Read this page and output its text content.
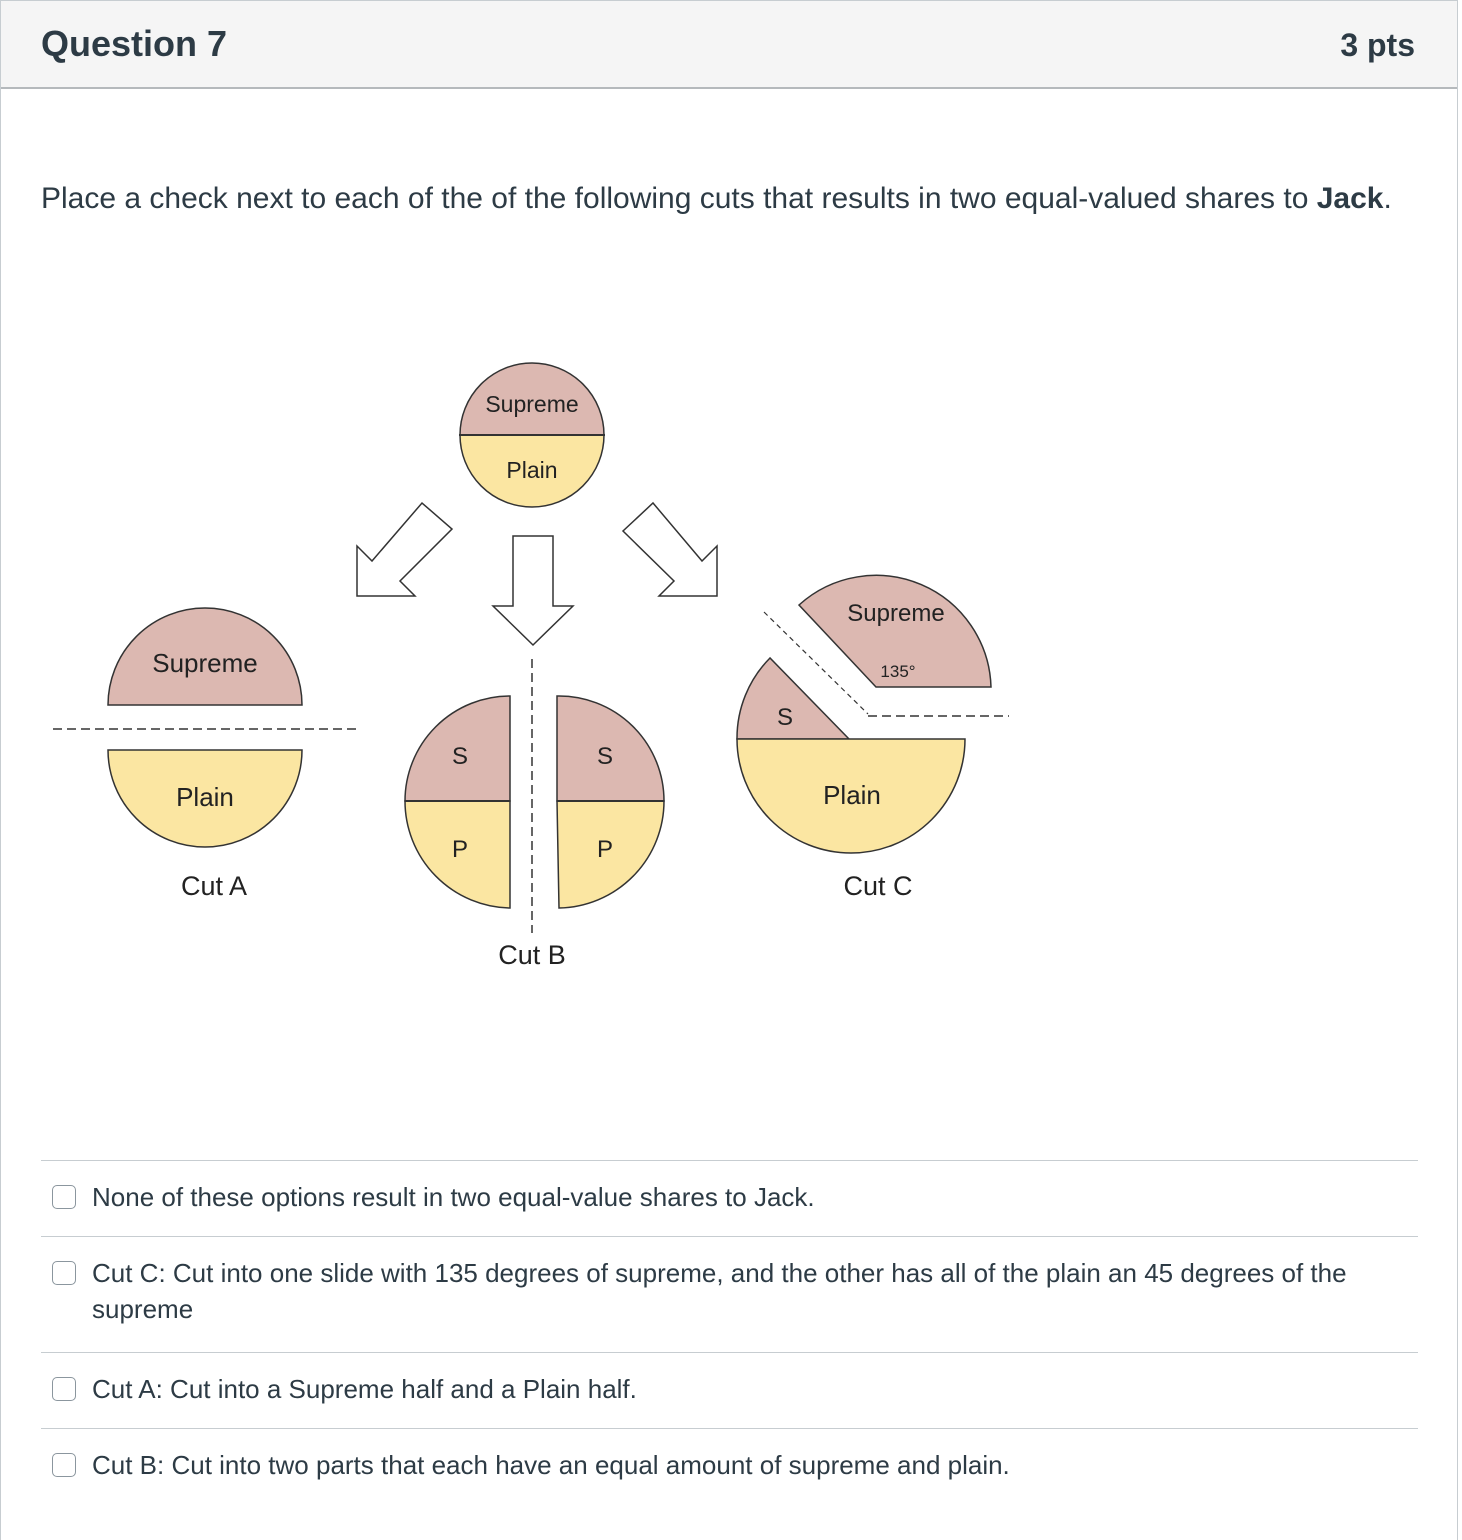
Question 7	3 pts
Place a check next to each of the of the following cuts that results in two equal-valued shares to Jack.
Supreme
Plain
Supreme
Plain
Cut A
S
P
S
P
Cut B
Supreme
135°
S
Plain
Cut C
None of these options result in two equal-value shares to Jack.
Cut C: Cut into one slide with 135 degrees of supreme, and the other has all of the plain an 45 degrees of the supreme
Cut A: Cut into a Supreme half and a Plain half.
Cut B: Cut into two parts that each have an equal amount of supreme and plain.
